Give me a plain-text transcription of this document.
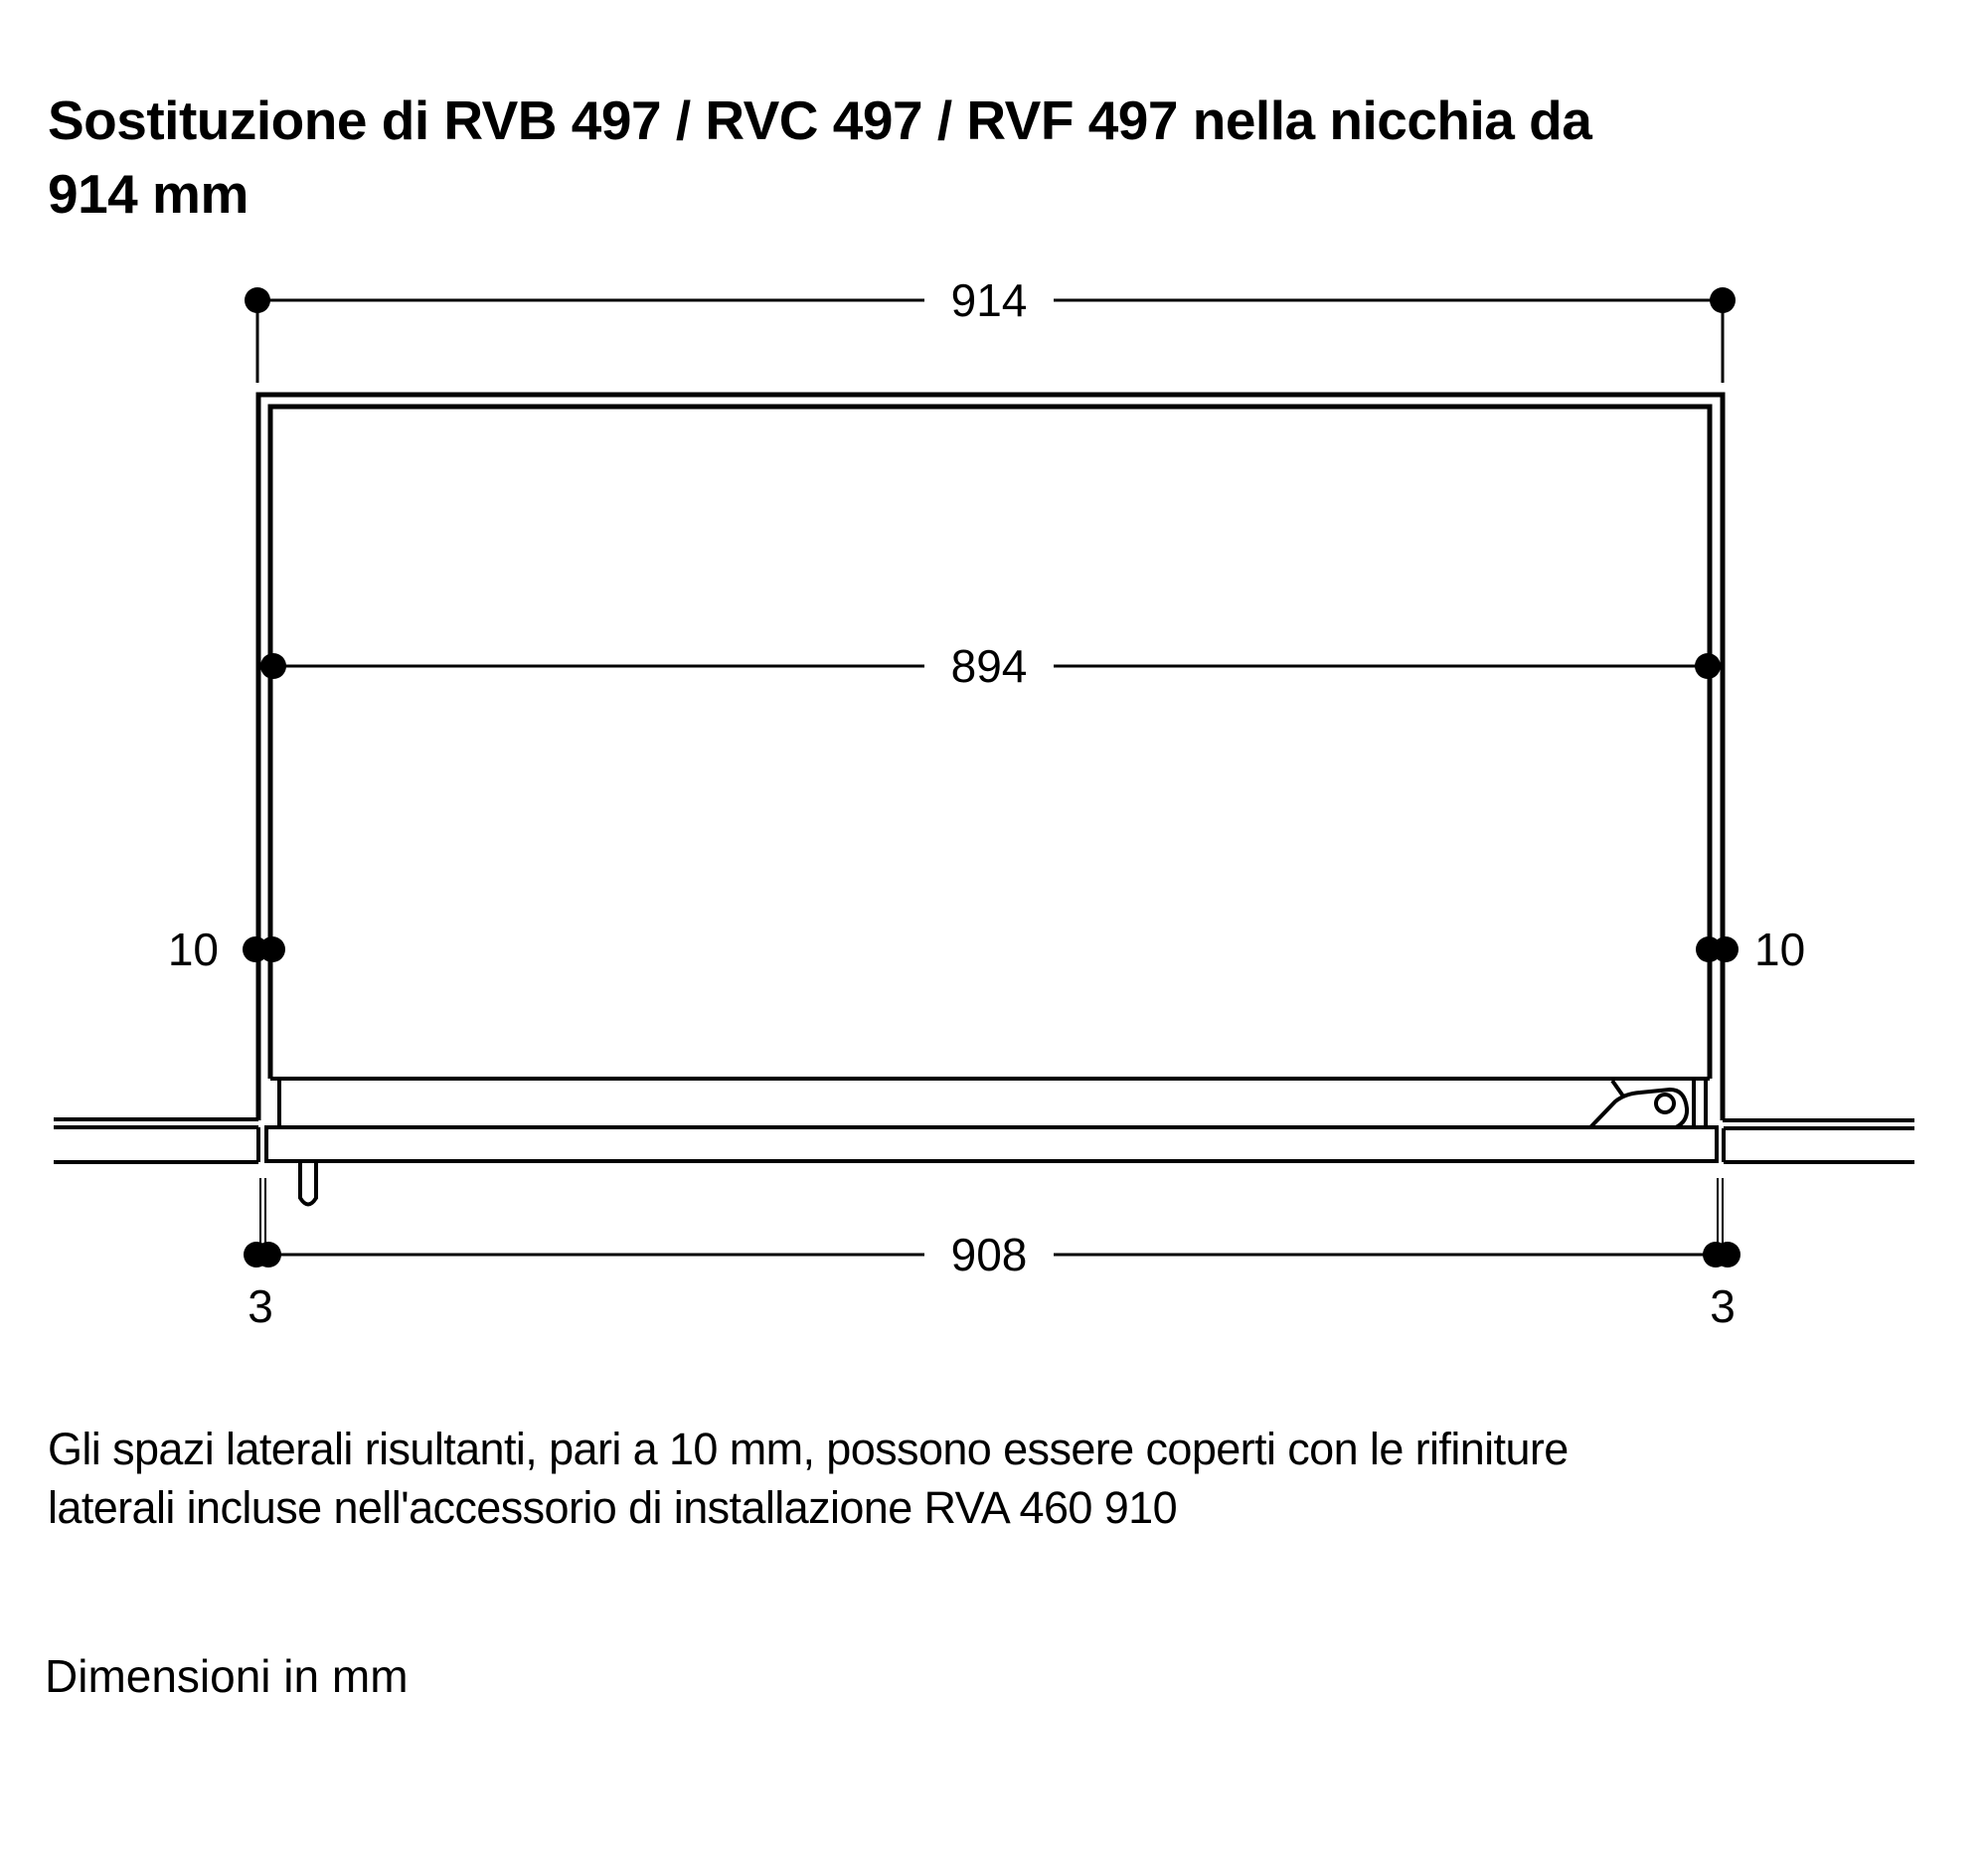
Sostituzione di RVB 497 / RVC 497 / RVF 497 nella nicchia da
914 mm
914
894
908
10	10
3	3
Gli spazi laterali risultanti, pari a 10 mm, possono essere coperti con le rifiniture
laterali incluse nell'accessorio di installazione RVA 460 910
Dimensioni in mm
